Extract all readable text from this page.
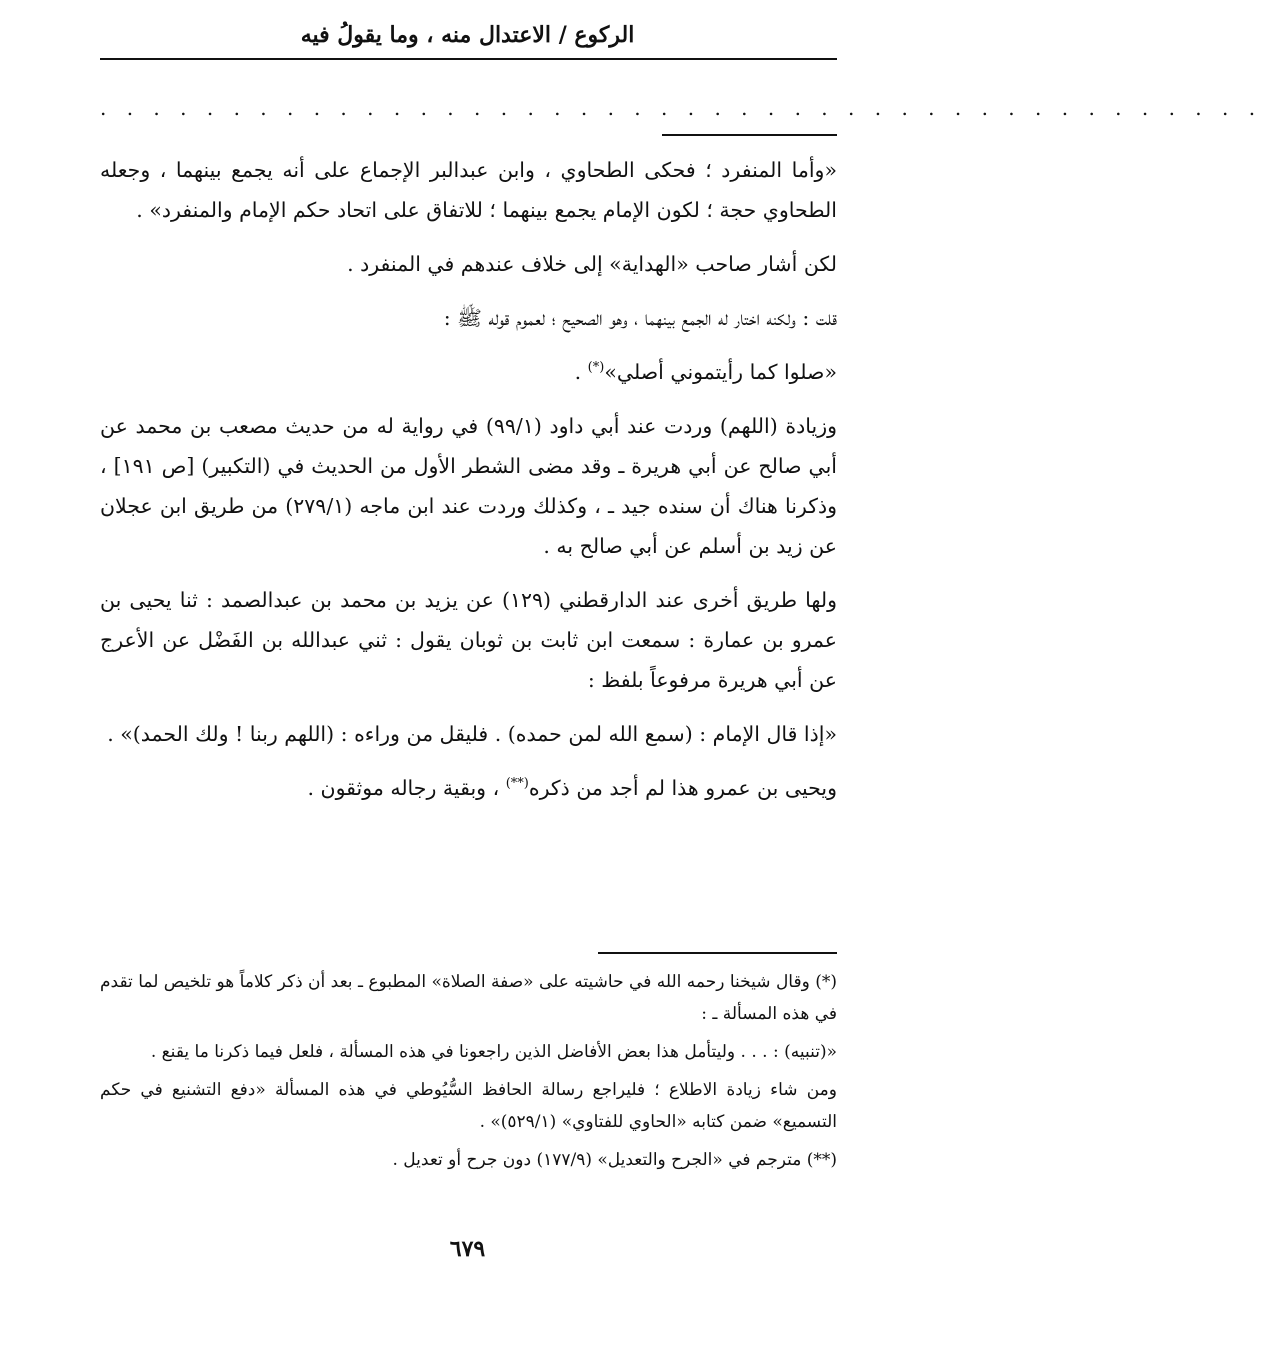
الركوع / الاعتدال منه ، وما يقولُ فيه
. . . . . . . . . . . . . . . . . . . . . . . . . . . . . . . . . . . . . . . . . . . .

«وأما المنفرد ؛ فحكى الطحاوي ، وابن عبدالبر الإجماع على أنه يجمع بينهما ، وجعله الطحاوي حجة ؛ لكون الإمام يجمع بينهما ؛ للاتفاق على اتحاد حكم الإمام والمنفرد» .

لكن أشار صاحب «الهداية» إلى خلاف عندهم في المنفرد .

قلت : ولكنه اختار له الجمع بينهما ، وهو الصحيح ؛ لعموم قوله ﷺ :

«صلوا كما رأيتموني أصلي»(*) .

وزيادة (اللهم) وردت عند أبي داود (٩٩/١) في رواية له من حديث مصعب بن محمد عن أبي صالح عن أبي هريرة ـ وقد مضى الشطر الأول من الحديث في (التكبير) [ص ١٩١] ، وذكرنا هناك أن سنده جيد ـ ، وكذلك وردت عند ابن ماجه (٢٧٩/١) من طريق ابن عجلان عن زيد بن أسلم عن أبي صالح به .

ولها طريق أخرى عند الدارقطني (١٢٩) عن يزيد بن محمد بن عبدالصمد : ثنا يحيى بن عمرو بن عمارة : سمعت ابن ثابت بن ثوبان يقول : ثني عبدالله بن الفَضْل عن الأعرج عن أبي هريرة مرفوعاً بلفظ :

«إذا قال الإمام : (سمع الله لمن حمده) . فليقل من وراءه : (اللهم ربنا ! ولك الحمد)» .

ويحيى بن عمرو هذا لم أجد من ذكره(**) ، وبقية رجاله موثقون .

(*) وقال شيخنا رحمه الله في حاشيته على «صفة الصلاة» المطبوع ـ بعد أن ذكر كلاماً هو تلخيص لما تقدم في هذه المسألة ـ :

«(تنبيه) : . . . وليتأمل هذا بعض الأفاضل الذين راجعونا في هذه المسألة ، فلعل فيما ذكرنا ما يقنع .

ومن شاء زيادة الاطلاع ؛ فليراجع رسالة الحافظ السُّيُوطي في هذه المسألة «دفع التشنيع في حكم التسميع» ضمن كتابه «الحاوي للفتاوي» (٥٢٩/١)» .

(**) مترجم في «الجرح والتعديل» (١٧٧/٩) دون جرح أو تعديل .

٦٧٩
